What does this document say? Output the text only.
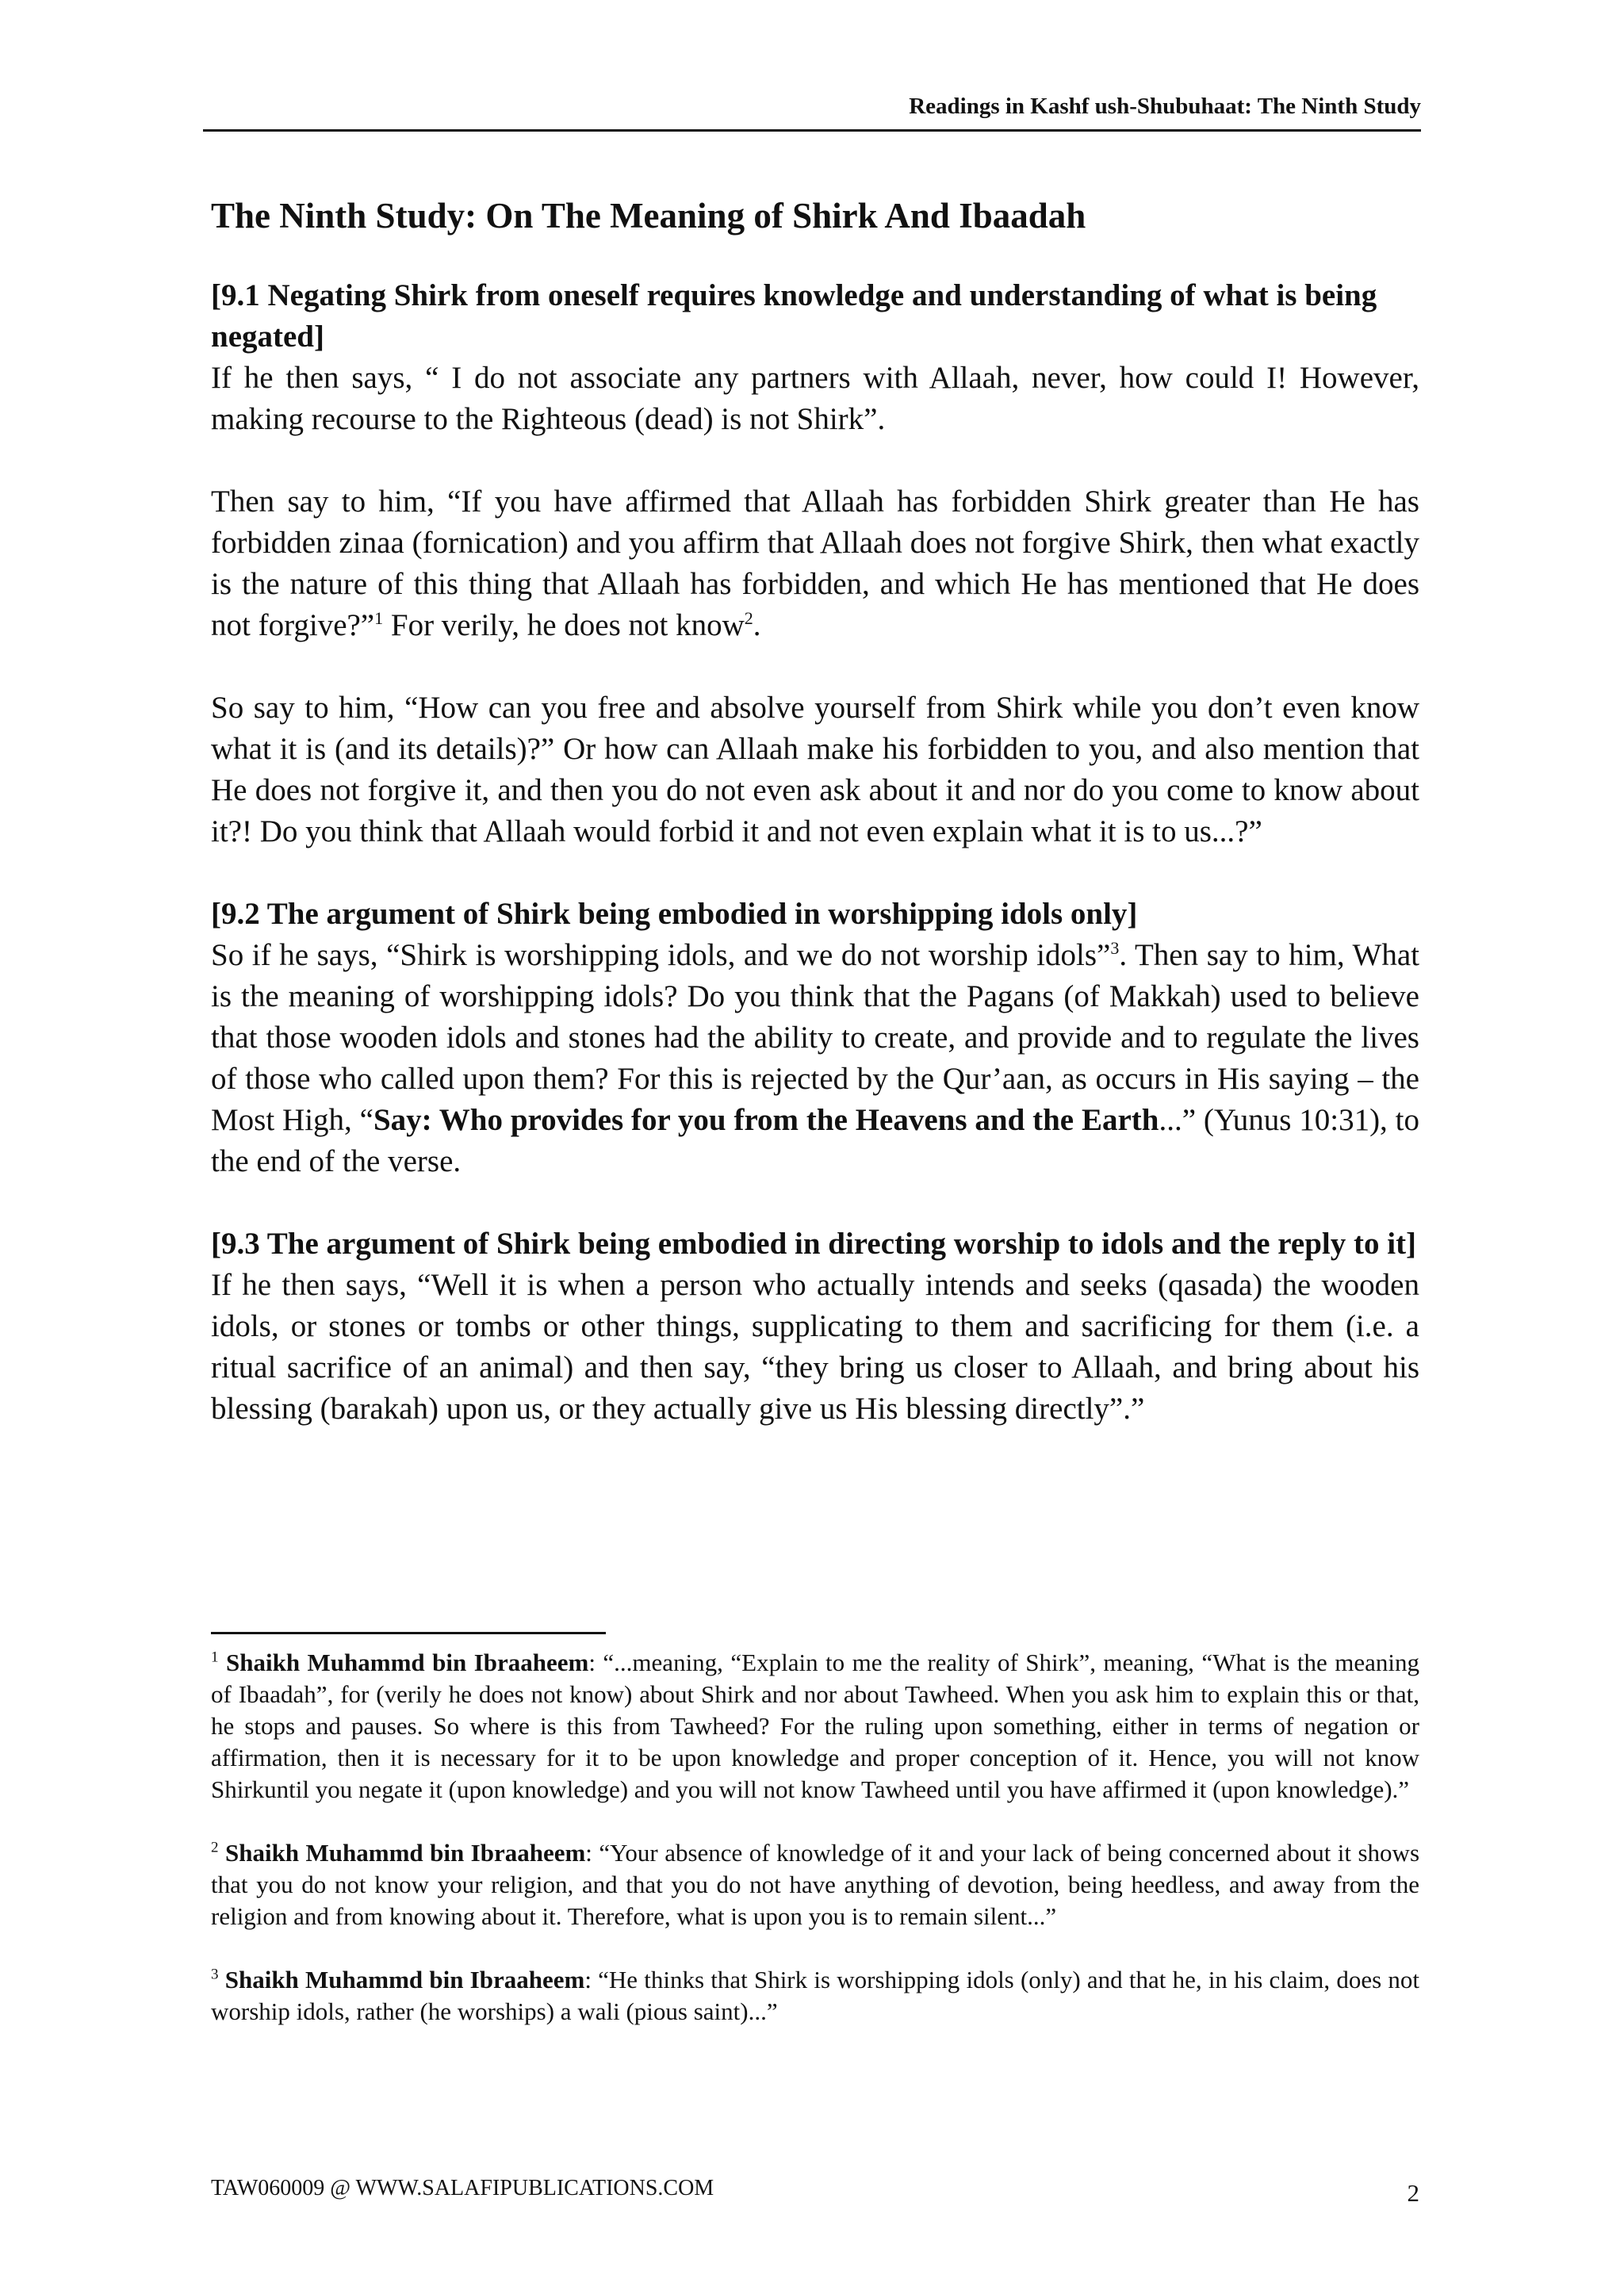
Readings in Kashf ush-Shubuhaat: The Ninth Study
The Ninth Study: On The Meaning of Shirk And Ibaadah
[9.1 Negating Shirk from oneself requires knowledge and understanding of what is being negated]

If he then says, “ I do not associate any partners with Allaah, never, how could I! However, making recourse to the Righteous (dead) is not Shirk”.

Then say to him, “If you have affirmed that Allaah has forbidden Shirk greater than He has forbidden zinaa (fornication) and you affirm that Allaah does not forgive Shirk, then what exactly is the nature of this thing that Allaah has forbidden, and which He has mentioned that He does not forgive?”$^1$ For verily, he does not know$^2$.

So say to him, “How can you free and absolve yourself from Shirk while you don’t even know what it is (and its details)?” Or how can Allaah make his forbidden to you, and also mention that He does not forgive it, and then you do not even ask about it and nor do you come to know about it?! Do you think that Allaah would forbid it and not even explain what it is to us...?”

[9.2 The argument of Shirk being embodied in worshipping idols only]

So if he says, “Shirk is worshipping idols, and we do not worship idols”$^3$. Then say to him, What is the meaning of worshipping idols? Do you think that the Pagans (of Makkah) used to believe that those wooden idols and stones had the ability to create, and provide and to regulate the lives of those who called upon them? For this is rejected by the Qur’aan, as occurs in His saying – the Most High, “Say: Who provides for you from the Heavens and the Earth...” (Yunus 10:31), to the end of the verse.

[9.3 The argument of Shirk being embodied in directing worship to idols and the reply to it]

If he then says, “Well it is when a person who actually intends and seeks (qasada) the wooden idols, or stones or tombs or other things, supplicating to them and sacrificing for them (i.e. a ritual sacrifice of an animal) and then say, “they bring us closer to Allaah, and bring about his blessing (barakah) upon us, or they actually give us His blessing directly”.”

$^1$ Shaikh Muhammd bin Ibraaheem: “...meaning, “Explain to me the reality of Shirk”, meaning, “What is the meaning of Ibaadah”, for (verily he does not know) about Shirk and nor about Tawheed. When you ask him to explain this or that, he stops and pauses. So where is this from Tawheed? For the ruling upon something, either in terms of negation or affirmation, then it is necessary for it to be upon knowledge and proper conception of it. Hence, you will not know Shirkuntil you negate it (upon knowledge) and you will not know Tawheed until you have affirmed it (upon knowledge).”

$^2$ Shaikh Muhammd bin Ibraaheem: “Your absence of knowledge of it and your lack of being concerned about it shows that you do not know your religion, and that you do not have anything of devotion, being heedless, and away from the religion and from knowing about it. Therefore, what is upon you is to remain silent...”

$^3$ Shaikh Muhammd bin Ibraaheem: “He thinks that Shirk is worshipping idols (only) and that he, in his claim, does not worship idols, rather (he worships) a wali (pious saint)...”

TAW060009 @ WWW.SALAFIPUBLICATIONS.COM	2
